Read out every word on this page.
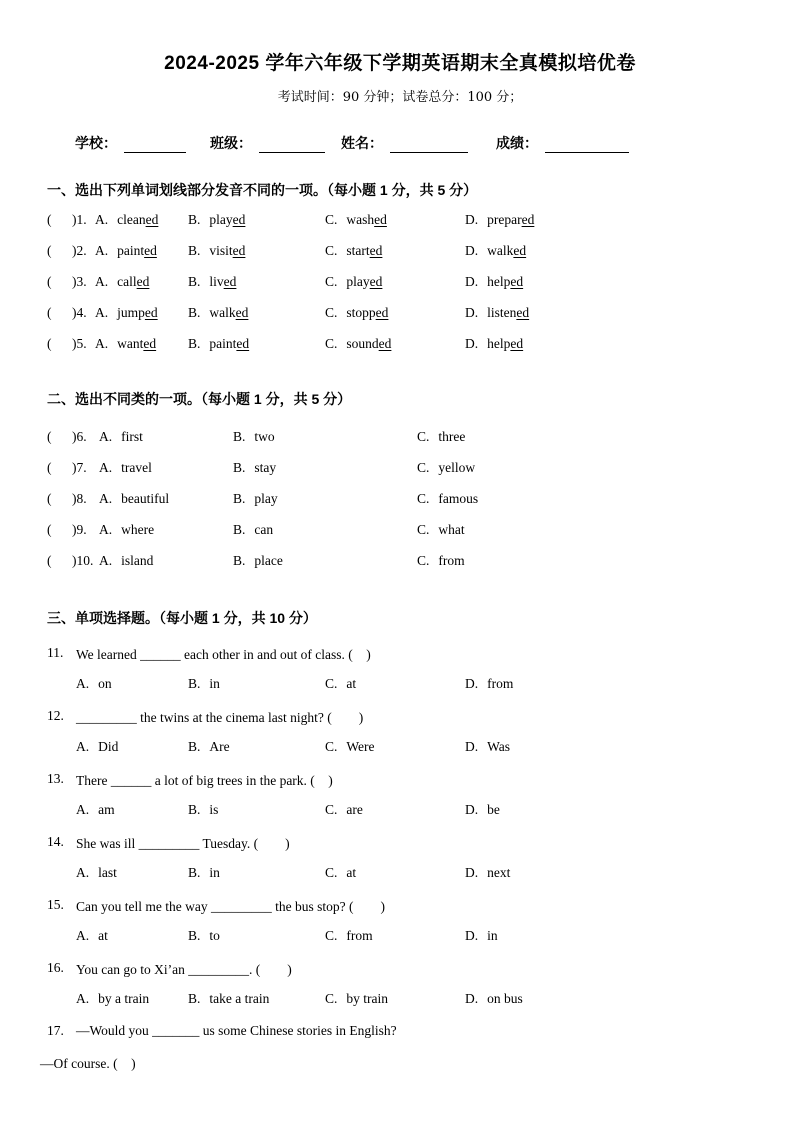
2024-2025 学年六年级下学期英语期末全真模拟培优卷
考试时间：90 分钟；试卷总分：100 分；
学校：	班级：	姓名：	成绩：
一、选出下列单词划线部分发音不同的一项。（每小题 1 分，共 5 分）
(	)1. A. cleaned	B. played	C. washed	D. prepared
(	)2. A. painted	B. visited	C. started	D. walked
(	)3. A. called	B. lived	C. played	D. helped
(	)4. A. jumped	B. walked	C. stopped	D. listened
(	)5. A. wanted	B. painted	C. sounded	D. helped
二、选出不同类的一项。（每小题 1 分，共 5 分）
(	)6. A. first	B. two	C. three
(	)7. A. travel	B. stay	C. yellow
(	)8. A. beautiful	B. play	C. famous
(	)9. A. where	B. can	C. what
(	)10. A. island	B. place	C. from
三、单项选择题。（每小题 1 分，共 10 分）
11. We learned ______ each other in and out of class. (　)
A. on	B. in	C. at	D. from
12. _________ the twins at the cinema last night? (　　)
A. Did	B. Are	C. Were	D. Was
13. There ______ a lot of big trees in the park. (　)
A. am	B. is	C. are	D. be
14. She was ill _________ Tuesday. (　　)
A. last	B. in	C. at	D. next
15. Can you tell me the way _________ the bus stop? (　　)
A. at	B. to	C. from	D. in
16. You can go to Xi’an _________. (　　)
A. by a train	B. take a train	C. by train	D. on bus
17. —Would you _______ us some Chinese stories in English?
—Of course. (　)
